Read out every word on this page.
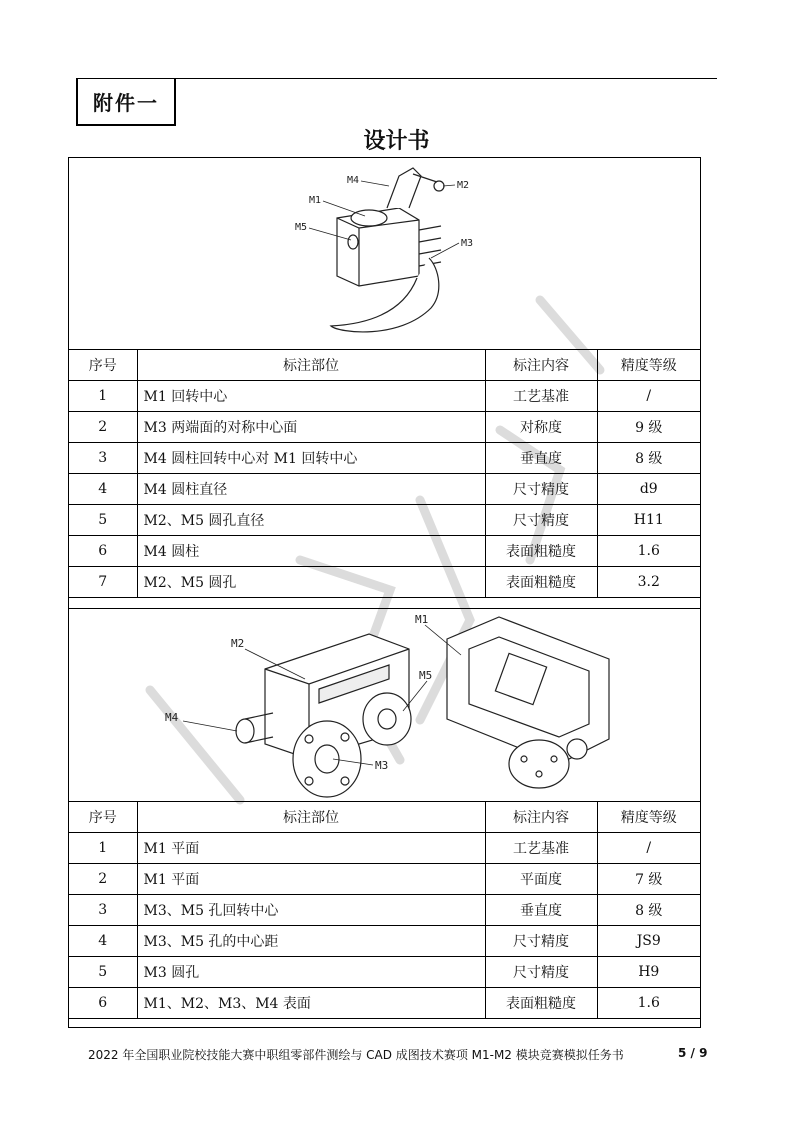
附件一
设计书
M4	M2
M1
M5
M3
序号	标注部位	标注内容	精度等级
1	M1 回转中心	工艺基准	/
2	M3 两端面的对称中心面	对称度	9 级
3	M4 圆柱回转中心对 M1 回转中心	垂直度	8 级
4	M4 圆柱直径	尺寸精度	d9
5	M2、M5 圆孔直径	尺寸精度	H11
6	M4 圆柱	表面粗糙度	1.6
7	M2、M5 圆孔	表面粗糙度	3.2
M1
M2
M5
M4
M3
序号	标注部位	标注内容	精度等级
1	M1 平面	工艺基准	/
2	M1 平面	平面度	7 级
3	M3、M5 孔回转中心	垂直度	8 级
4	M3、M5 孔的中心距	尺寸精度	JS9
5	M3 圆孔	尺寸精度	H9
6	M1、M2、M3、M4 表面	表面粗糙度	1.6
2022 年全国职业院校技能大赛中职组零部件测绘与 CAD 成图技术赛项 M1-M2 模块竞赛模拟任务书	5 / 9
